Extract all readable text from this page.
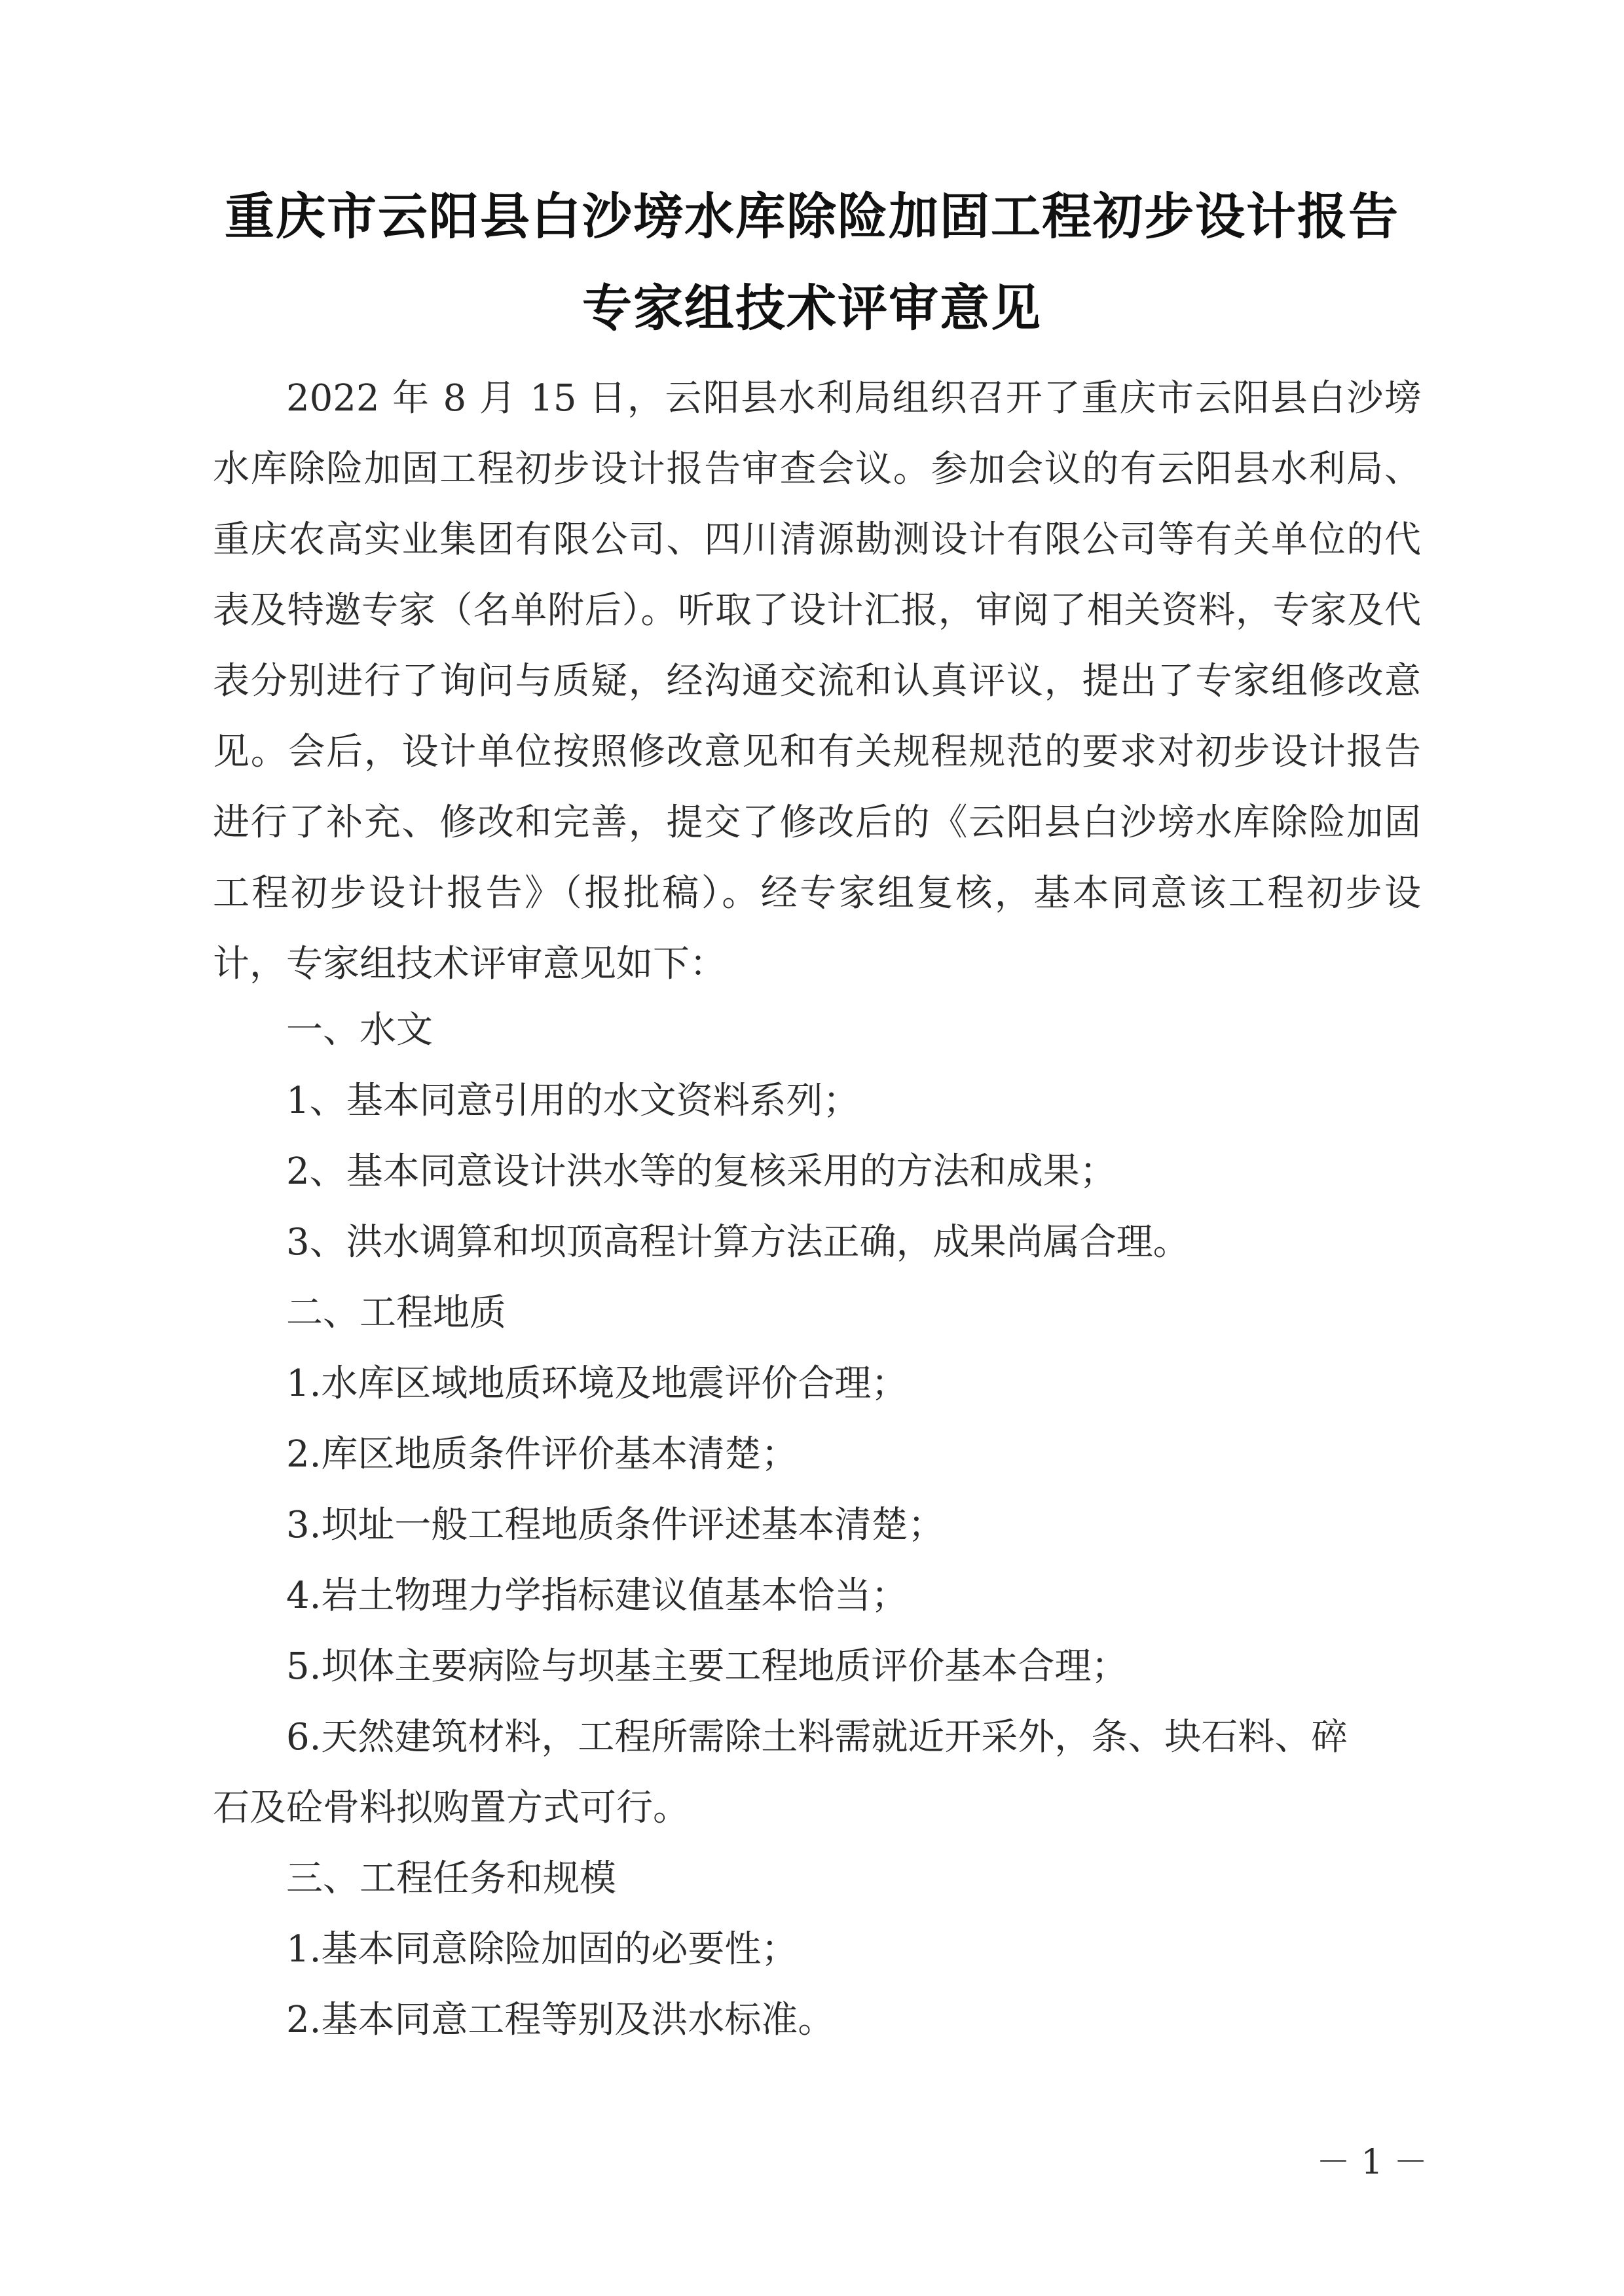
重庆市云阳县白沙塝水库除险加固工程初步设计报告
专家组技术评审意见

2022 年 8 月 15 日，云阳县水利局组织召开了重庆市云阳县白沙塝水库除险加固工程初步设计报告审查会议。参加会议的有云阳县水利局、重庆农高实业集团有限公司、四川清源勘测设计有限公司等有关单位的代表及特邀专家（名单附后）。听取了设计汇报，审阅了相关资料，专家及代表分别进行了询问与质疑，经沟通交流和认真评议，提出了专家组修改意见。会后，设计单位按照修改意见和有关规程规范的要求对初步设计报告进行了补充、修改和完善，提交了修改后的《云阳县白沙塝水库除险加固工程初步设计报告》（报批稿）。经专家组复核，基本同意该工程初步设计，专家组技术评审意见如下：

一、水文

1、基本同意引用的水文资料系列；

2、基本同意设计洪水等的复核采用的方法和成果；

3、洪水调算和坝顶高程计算方法正确，成果尚属合理。

二、工程地质

1.水库区域地质环境及地震评价合理；

2.库区地质条件评价基本清楚；

3.坝址一般工程地质条件评述基本清楚；

4.岩土物理力学指标建议值基本恰当；

5.坝体主要病险与坝基主要工程地质评价基本合理；

6.天然建筑材料，工程所需除土料需就近开采外，条、块石料、碎

石及砼骨料拟购置方式可行。

三、工程任务和规模

1.基本同意除险加固的必要性；

2.基本同意工程等别及洪水标准。

－ 1 －
